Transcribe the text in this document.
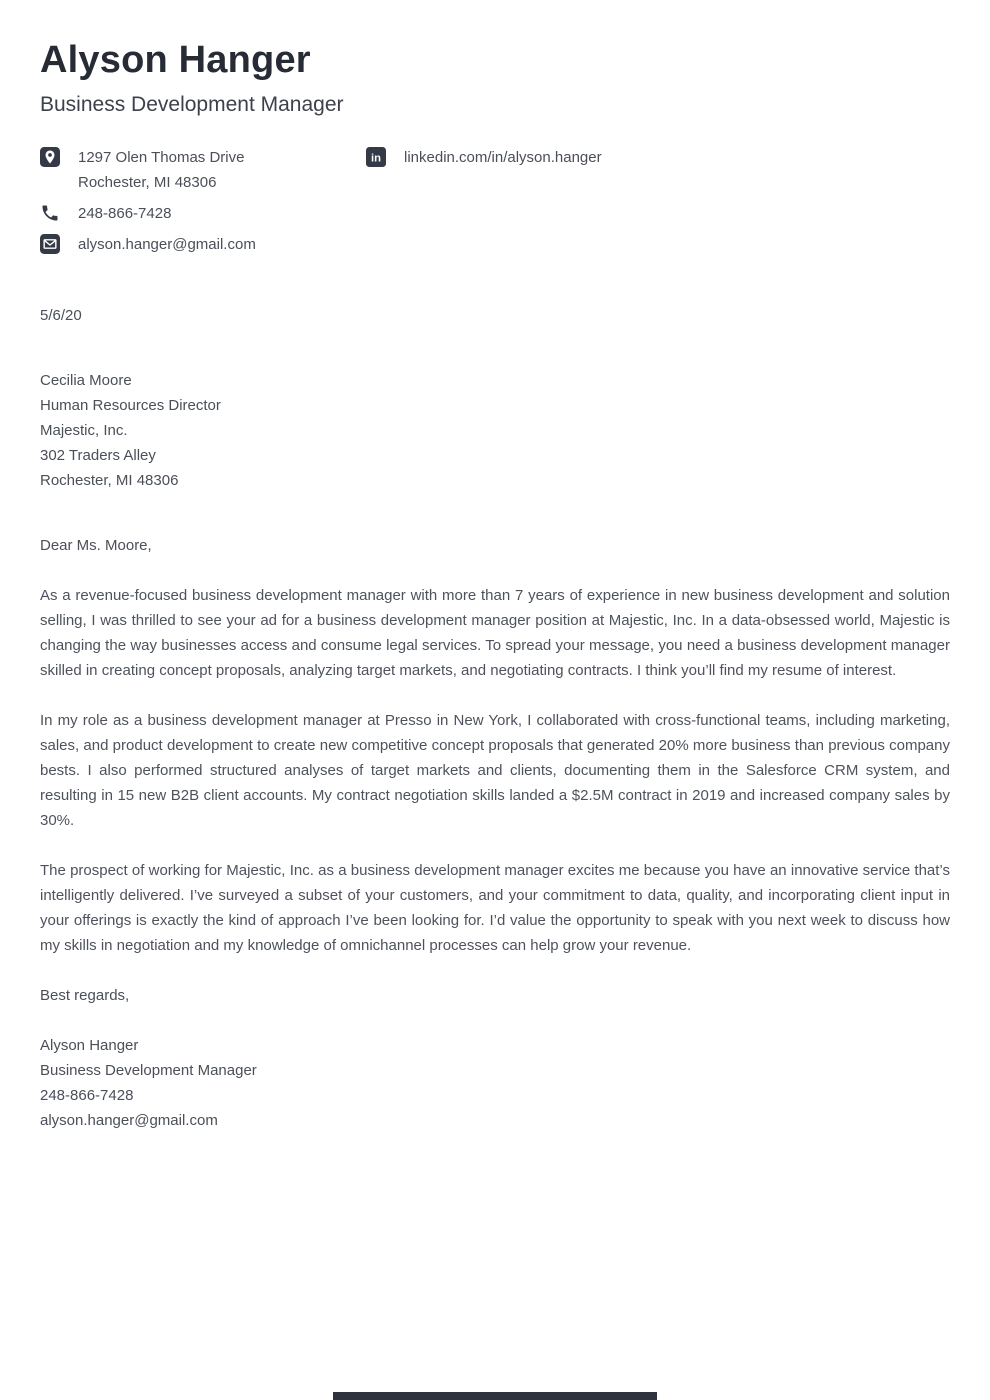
Alyson Hanger
Business Development Manager
1297 Olen Thomas Drive
Rochester, MI 48306
248-866-7428
alyson.hanger@gmail.com
in linkedin.com/in/alyson.hanger
5/6/20
Cecilia Moore
Human Resources Director
Majestic, Inc.
302 Traders Alley
Rochester, MI 48306
Dear Ms. Moore,

As a revenue-focused business development manager with more than 7 years of experience in new business development and solution selling, I was thrilled to see your ad for a business development manager position at Majestic, Inc. In a data-obsessed world, Majestic is changing the way businesses access and consume legal services. To spread your message, you need a business development manager skilled in creating concept proposals, analyzing target markets, and negotiating contracts. I think you’ll find my resume of interest.

In my role as a business development manager at Presso in New York, I collaborated with cross-functional teams, including marketing, sales, and product development to create new competitive concept proposals that generated 20% more business than previous company bests. I also performed structured analyses of target markets and clients, documenting them in the Salesforce CRM system, and resulting in 15 new B2B client accounts. My contract negotiation skills landed a $2.5M contract in 2019 and increased company sales by 30%.

The prospect of working for Majestic, Inc. as a business development manager excites me because you have an innovative service that’s intelligently delivered. I’ve surveyed a subset of your customers, and your commitment to data, quality, and incorporating client input in your offerings is exactly the kind of approach I’ve been looking for. I’d value the opportunity to speak with you next week to discuss how my skills in negotiation and my knowledge of omnichannel processes can help grow your revenue.

Best regards,
Alyson Hanger
Business Development Manager
248-866-7428
alyson.hanger@gmail.com
